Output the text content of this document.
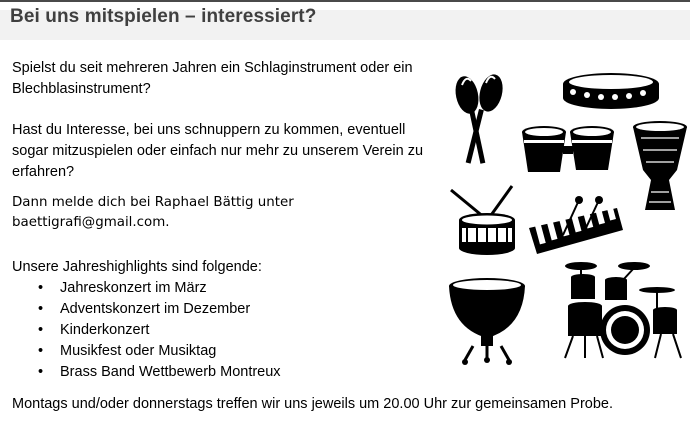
Bei uns mitspielen – interessiert?

Spielst du seit mehreren Jahren ein Schlaginstrument oder ein Blechblasinstrument?

Hast du Interesse, bei uns schnuppern zu kommen, eventuell sogar mitzuspielen oder einfach nur mehr zu unserem Verein zu erfahren?

Dann melde dich bei Raphael Bättig unter
baettigrafi@gmail.com.

Unsere Jahreshighlights sind folgende:

• Jahreskonzert im März
• Adventskonzert im Dezember
• Kinderkonzert
• Musikfest oder Musiktag
• Brass Band Wettbewerb Montreux

Montags und/oder donnerstags treffen wir uns jeweils um 20.00 Uhr zur gemeinsamen Probe.
